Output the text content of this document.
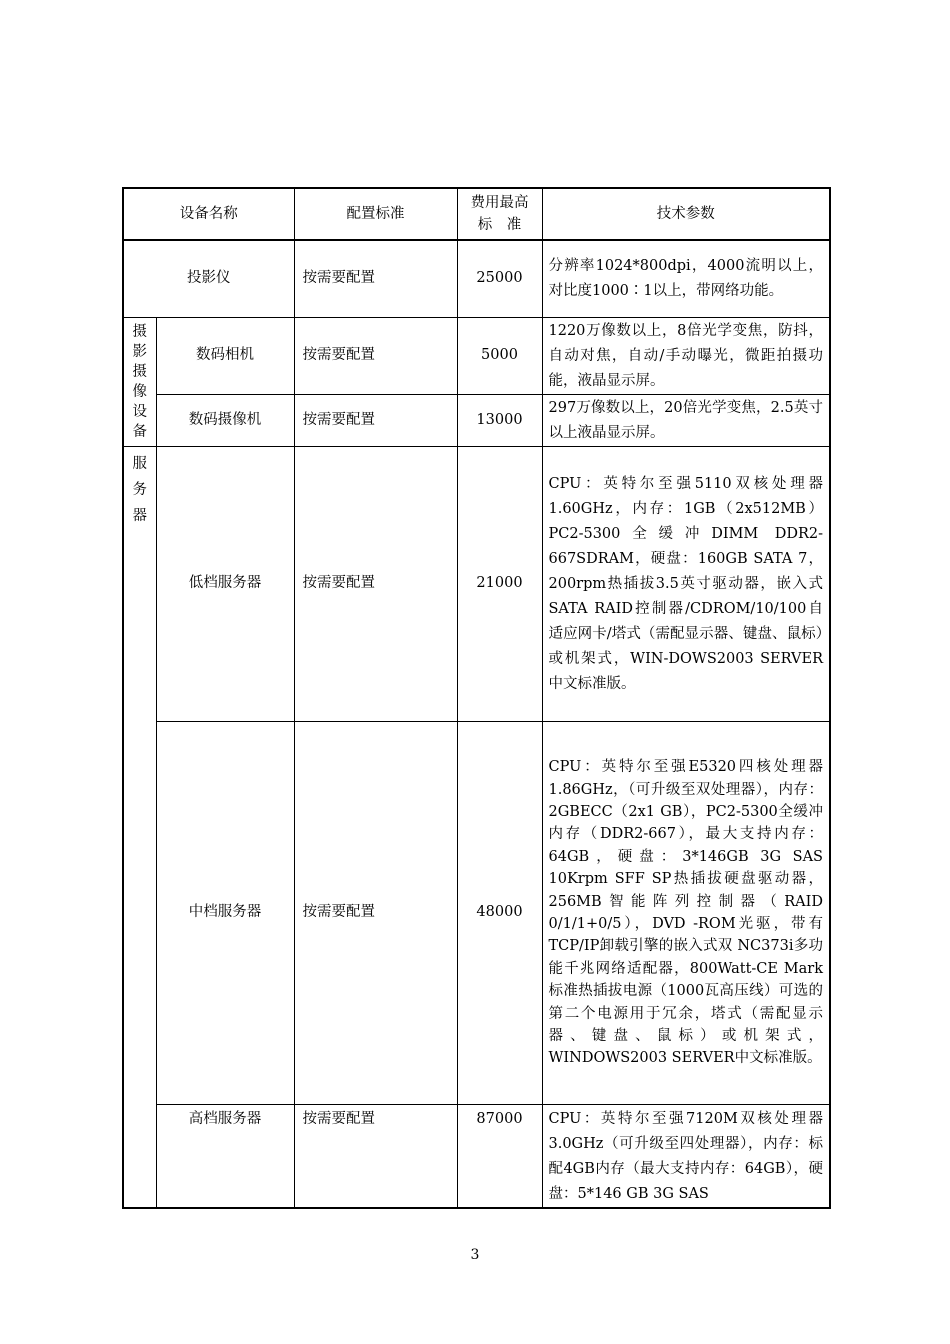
设备名称		配置标准	费用最高标　准	技术参数
投影仪		按需要配置	25000	分辨率1024*800dpi，4000流明以上，对比度1000∶1以上，带网络功能。

摄影摄像设备	数码相机	按需要配置	5000	1220万像数以上，8倍光学变焦，防抖，自动对焦，自动/手动曝光，微距拍摄功能，液晶显示屏。
	数码摄像机	按需要配置	13000	297万像数以上，20倍光学变焦，2.5英寸以上液晶显示屏。

服务器	低档服务器	按需要配置	21000	CPU：英特尔至强5110双核处理器1.60GHz，内存：1GB（2x512MB）PC2-5300全缓冲DIMM DDR2-667SDRAM，硬盘：160GB SATA 7，200rpm热插拔3.5英寸驱动器，嵌入式SATA RAID控制器/CDROM/10/100自适应网卡/塔式（需配显示器、键盘、鼠标）或机架式，WIN-DOWS2003 SERVER中文标准版。
	中档服务器	按需要配置	48000	CPU：英特尔至强E5320四核处理器1.86GHz，（可升级至双处理器），内存：2GBECC（2x1 GB），PC2-5300全缓冲内存（DDR2-667），最大支持内存：64GB，硬盘：3*146GB 3G SAS 10Krpm SFF SP热插拔硬盘驱动器，256MB智能阵列控制器（RAID 0/1/1+0/5），DVD -ROM光驱，带有TCP/IP卸载引擎的嵌入式双 NC373i多功能千兆网络适配器，800Watt-CE Mark标准热插拔电源（1000瓦高压线）可选的第二个电源用于冗余，塔式（需配显示器、键盘、鼠标）或机架式，WINDOWS2003 SERVER中文标准版。
	高档服务器	按需要配置	87000	CPU：英特尔至强7120M双核处理器3.0GHz（可升级至四处理器），内存：标配4GB内存（最大支持内存：64GB），硬盘：5*146 GB 3G SAS
3
